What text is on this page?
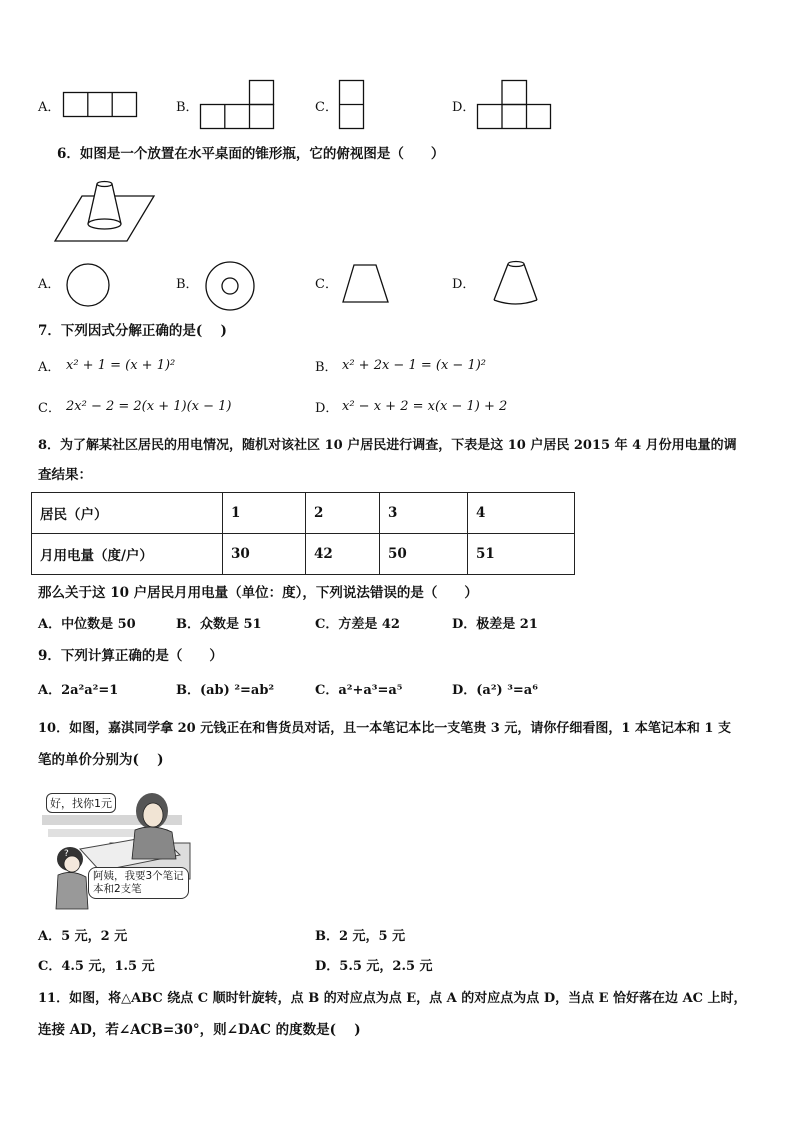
A．	B．	C．	D．
6．如图是一个放置在水平桌面的锥形瓶，它的俯视图是（　　）
A．	B．	C．	D．
7．下列因式分解正确的是(　 )
A． x² + 1 = (x + 1)²	B． x² + 2x − 1 = (x − 1)²
C． 2x² − 2 = 2(x + 1)(x − 1)	D． x² − x + 2 = x(x − 1) + 2
8．为了解某社区居民的用电情况，随机对该社区 10 户居民进行调查，下表是这 10 户居民 2015 年 4 月份用电量的调
查结果：
居民（户）	1	2	3	4
月用电量（度/户）	30	42	50	51
那么关于这 10 户居民月用电量（单位：度），下列说法错误的是（　　）
A．中位数是 50	B．众数是 51	C．方差是 42	D．极差是 21
9．下列计算正确的是（　　）
A．2a²a²=1	B．(ab) ²=ab²	C．a²+a³=a⁵	D．(a²) ³=a⁶
10．如图，嘉淇同学拿 20 元钱正在和售货员对话，且一本笔记本比一支笔贵 3 元，请你仔细看图，1 本笔记本和 1 支
笔的单价分别为(　 )
?
好，找你1元
阿姨，我要3个笔记
本和2支笔
A．5 元，2 元	B．2 元，5 元
C．4.5 元，1.5 元	D．5.5 元，2.5 元
11．如图，将△ABC 绕点 C 顺时针旋转，点 B 的对应点为点 E，点 A 的对应点为点 D，当点 E 恰好落在边 AC 上时，
连接 AD，若∠ACB=30°，则∠DAC 的度数是(　 )
